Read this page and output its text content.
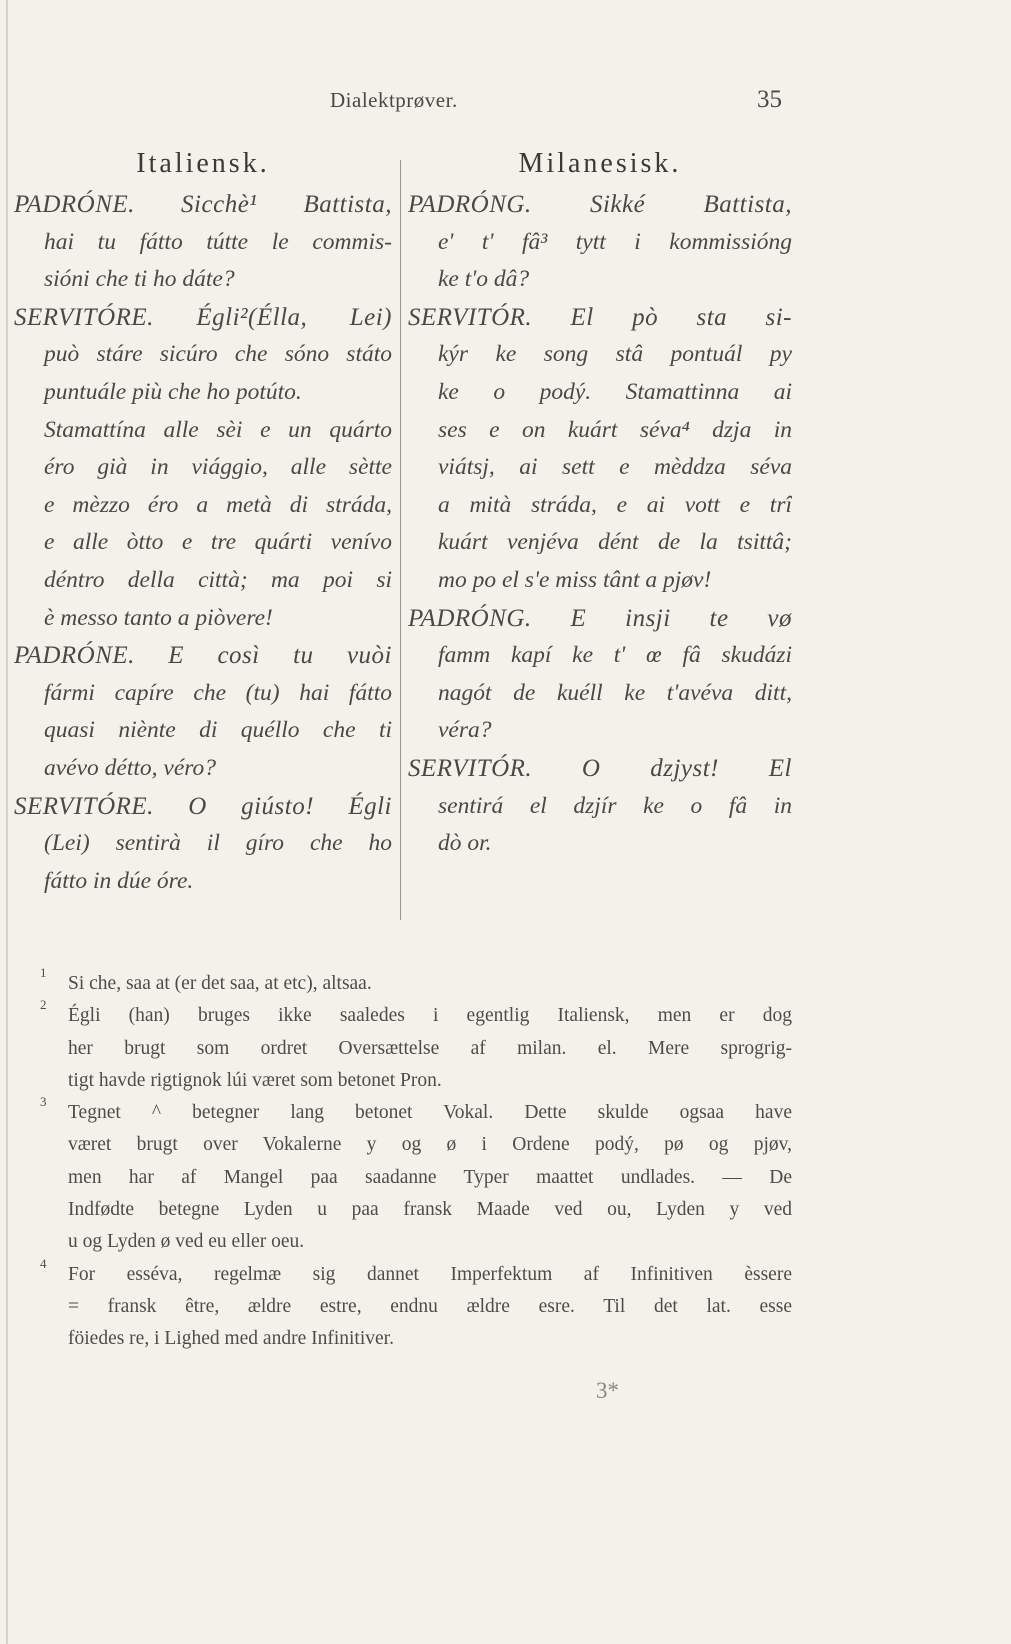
Dialektprøver.	35
Italiensk.
PADRÓNE. Sicchè¹ Battista,
hai tu fátto tútte le commis-
sióni che ti ho dáte?
SERVITÓRE. Égli²(Élla, Lei)
può stáre sicúro che sóno státo
puntuále più che ho potúto.
Stamattína alle sèi e un quárto
éro già in viággio, alle sètte
e mèzzo éro a metà di stráda,
e alle òtto e tre quárti venívo
déntro della città; ma poi si
è messo tanto a piòvere!
PADRÓNE. E così tu vuòi
fármi capíre che (tu) hai fátto
quasi niènte di quéllo che ti
avévo détto, véro?
SERVITÓRE. O giústo! Égli
(Lei) sentirà il gíro che ho
fátto in dúe óre.
Milanesisk.
PADRÓNG. Sikké Battista,
e' t' fâ³ tytt i kommissióng
ke t'o dâ?
SERVITÓR. El pò sta si-
kýr ke song stâ pontuál py
ke o podý. Stamattinna ai
ses e on kuárt séva⁴ dzja in
viátsj, ai sett e mèddza séva
a mità stráda, e ai vott e trî
kuárt venjéva dént de la tsittâ;
mo po el s'e miss tânt a pjøv!
PADRÓNG. E insji te vø
famm kapí ke t' œ fâ skudázi
nagót de kuéll ke t'avéva ditt,
véra?
SERVITÓR. O dzjyst! El
sentirá el dzjír ke o fâ in
dò or.
1
Si che, saa at (er det saa, at etc), altsaa.
2
Égli (han) bruges ikke saaledes i egentlig Italiensk, men er dog
her brugt som ordret Oversættelse af milan. el. Mere sprogrig-
tigt havde rigtignok lúi været som betonet Pron.
3
Tegnet ^ betegner lang betonet Vokal. Dette skulde ogsaa have
været brugt over Vokalerne y og ø i Ordene podý, pø og pjøv,
men har af Mangel paa saadanne Typer maattet undlades. — De
Indfødte betegne Lyden u paa fransk Maade ved ou, Lyden y ved
u og Lyden ø ved eu eller oeu.
4
For esséva, regelmæ sig dannet Imperfektum af Infinitiven èssere
= fransk être, ældre estre, endnu ældre esre. Til det lat. esse
föiedes re, i Lighed med andre Infinitiver.
3*
